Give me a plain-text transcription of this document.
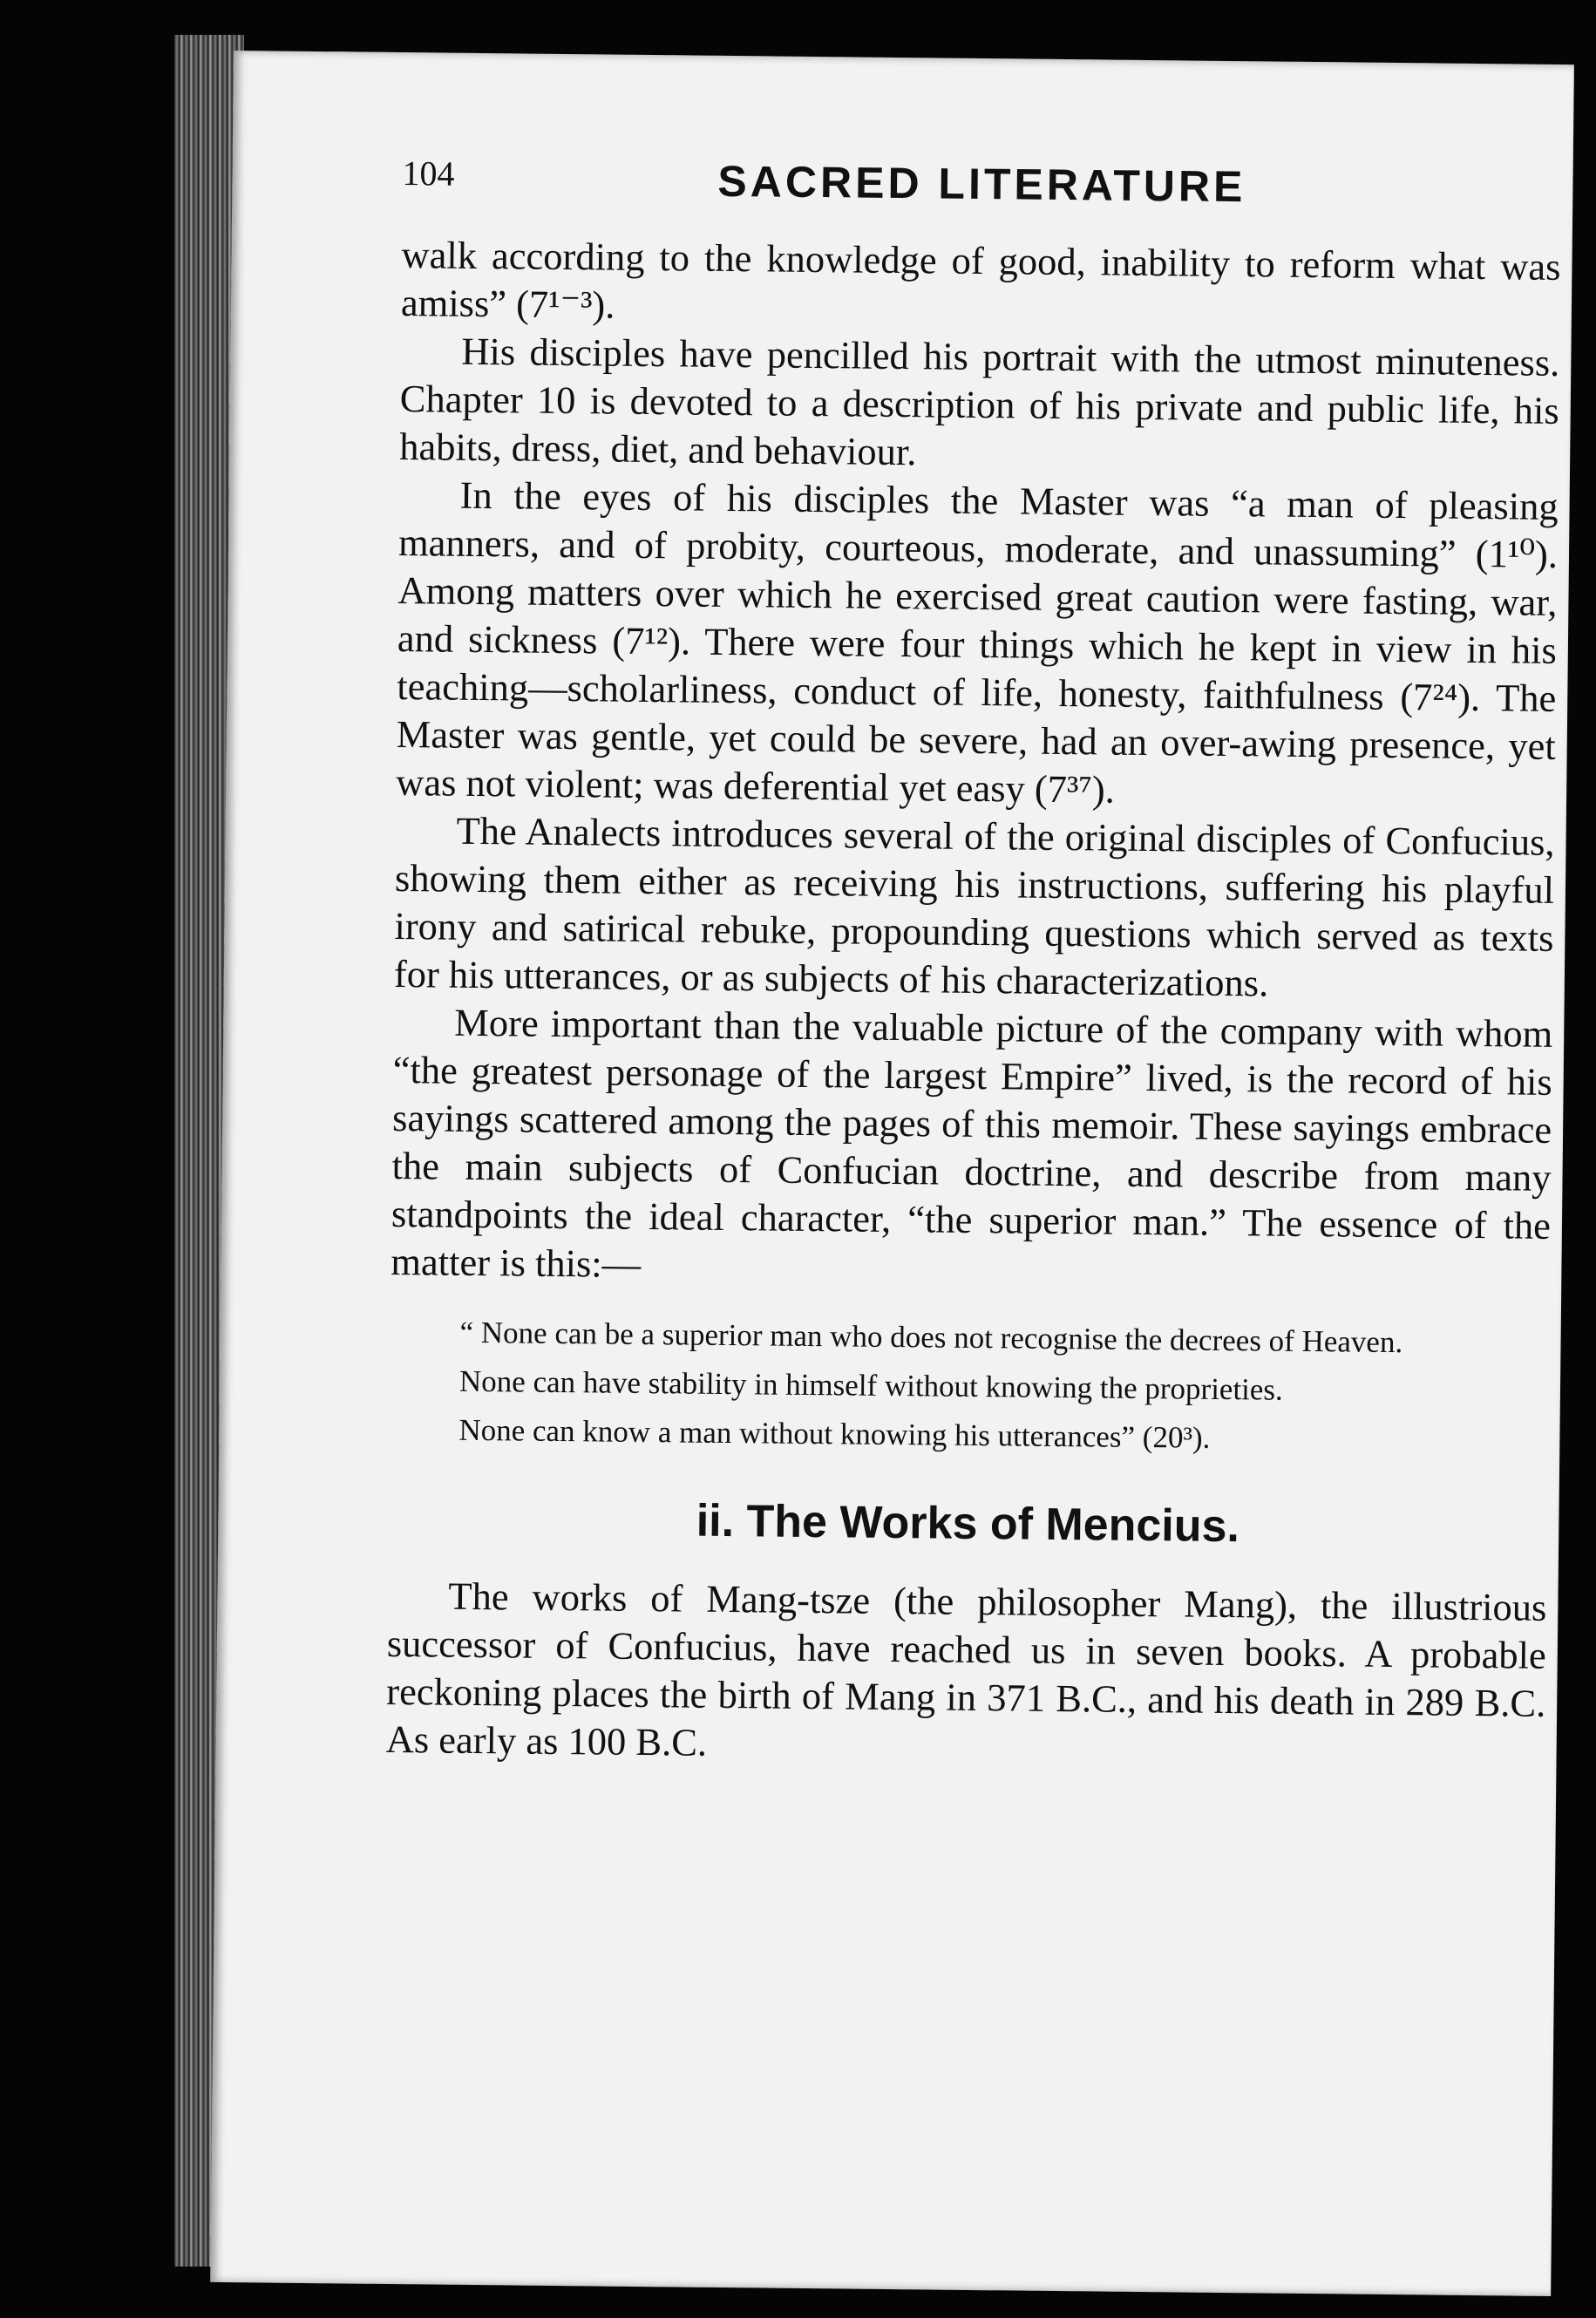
104	SACRED LITERATURE

walk according to the knowledge of good, inability to reform what was amiss” (7¹⁻³).

His disciples have pencilled his portrait with the utmost minuteness. Chapter 10 is devoted to a description of his private and public life, his habits, dress, diet, and behaviour.

In the eyes of his disciples the Master was “a man of pleasing manners, and of probity, courteous, moderate, and unassuming” (1¹⁰). Among matters over which he exercised great caution were fasting, war, and sickness (7¹²). There were four things which he kept in view in his teaching—scholarliness, conduct of life, honesty, faithfulness (7²⁴). The Master was gentle, yet could be severe, had an over-awing presence, yet was not violent; was deferential yet easy (7³⁷).

The Analects introduces several of the original disciples of Confucius, showing them either as receiving his instructions, suffering his playful irony and satirical rebuke, propounding questions which served as texts for his utterances, or as subjects of his characterizations.

More important than the valuable picture of the company with whom “the greatest personage of the largest Empire” lived, is the record of his sayings scattered among the pages of this memoir. These sayings embrace the main subjects of Confucian doctrine, and describe from many standpoints the ideal character, “the superior man.” The essence of the matter is this:—

“ None can be a superior man who does not recognise the decrees of Heaven.

None can have stability in himself without knowing the proprieties.

None can know a man without knowing his utterances” (20³).

ii. The Works of Mencius.

The works of Mang-tsze (the philosopher Mang), the illustrious successor of Confucius, have reached us in seven books. A probable reckoning places the birth of Mang in 371 B.C., and his death in 289 B.C. As early as 100 B.C.
